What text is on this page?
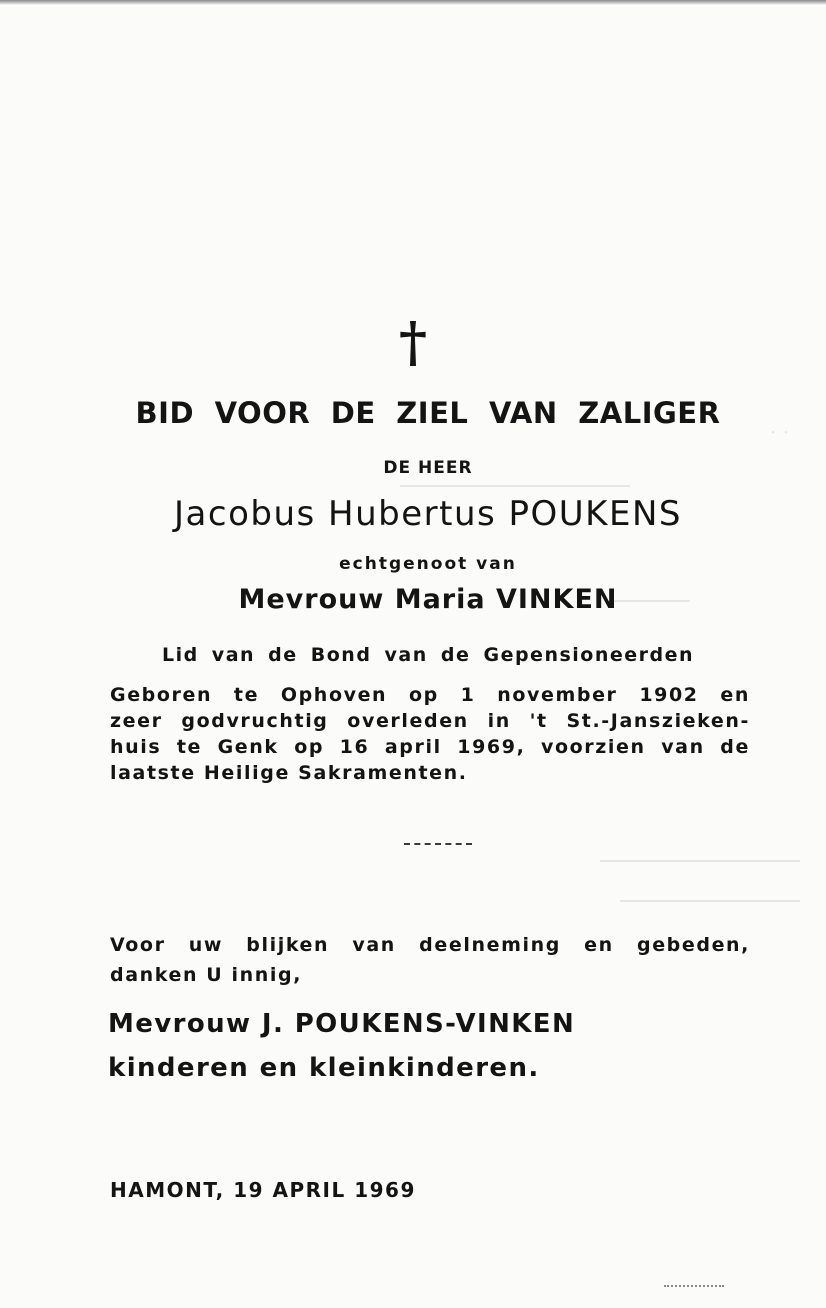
· ·
†
BID VOOR DE ZIEL VAN ZALIGER
DE HEER
Jacobus Hubertus POUKENS
echtgenoot van
Mevrouw Maria VINKEN
Lid van de Bond van de Gepensioneerden
Geboren te Ophoven op 1 november 1902 en
zeer godvruchtig overleden in 't St.-Janszieken-
huis te Genk op 16 april 1969, voorzien van de
laatste Heilige Sakramenten.
Voor uw blijken van deelneming en gebeden,
danken U innig,
Mevrouw J. POUKENS-VINKEN
kinderen en kleinkinderen.
HAMONT, 19 APRIL 1969
